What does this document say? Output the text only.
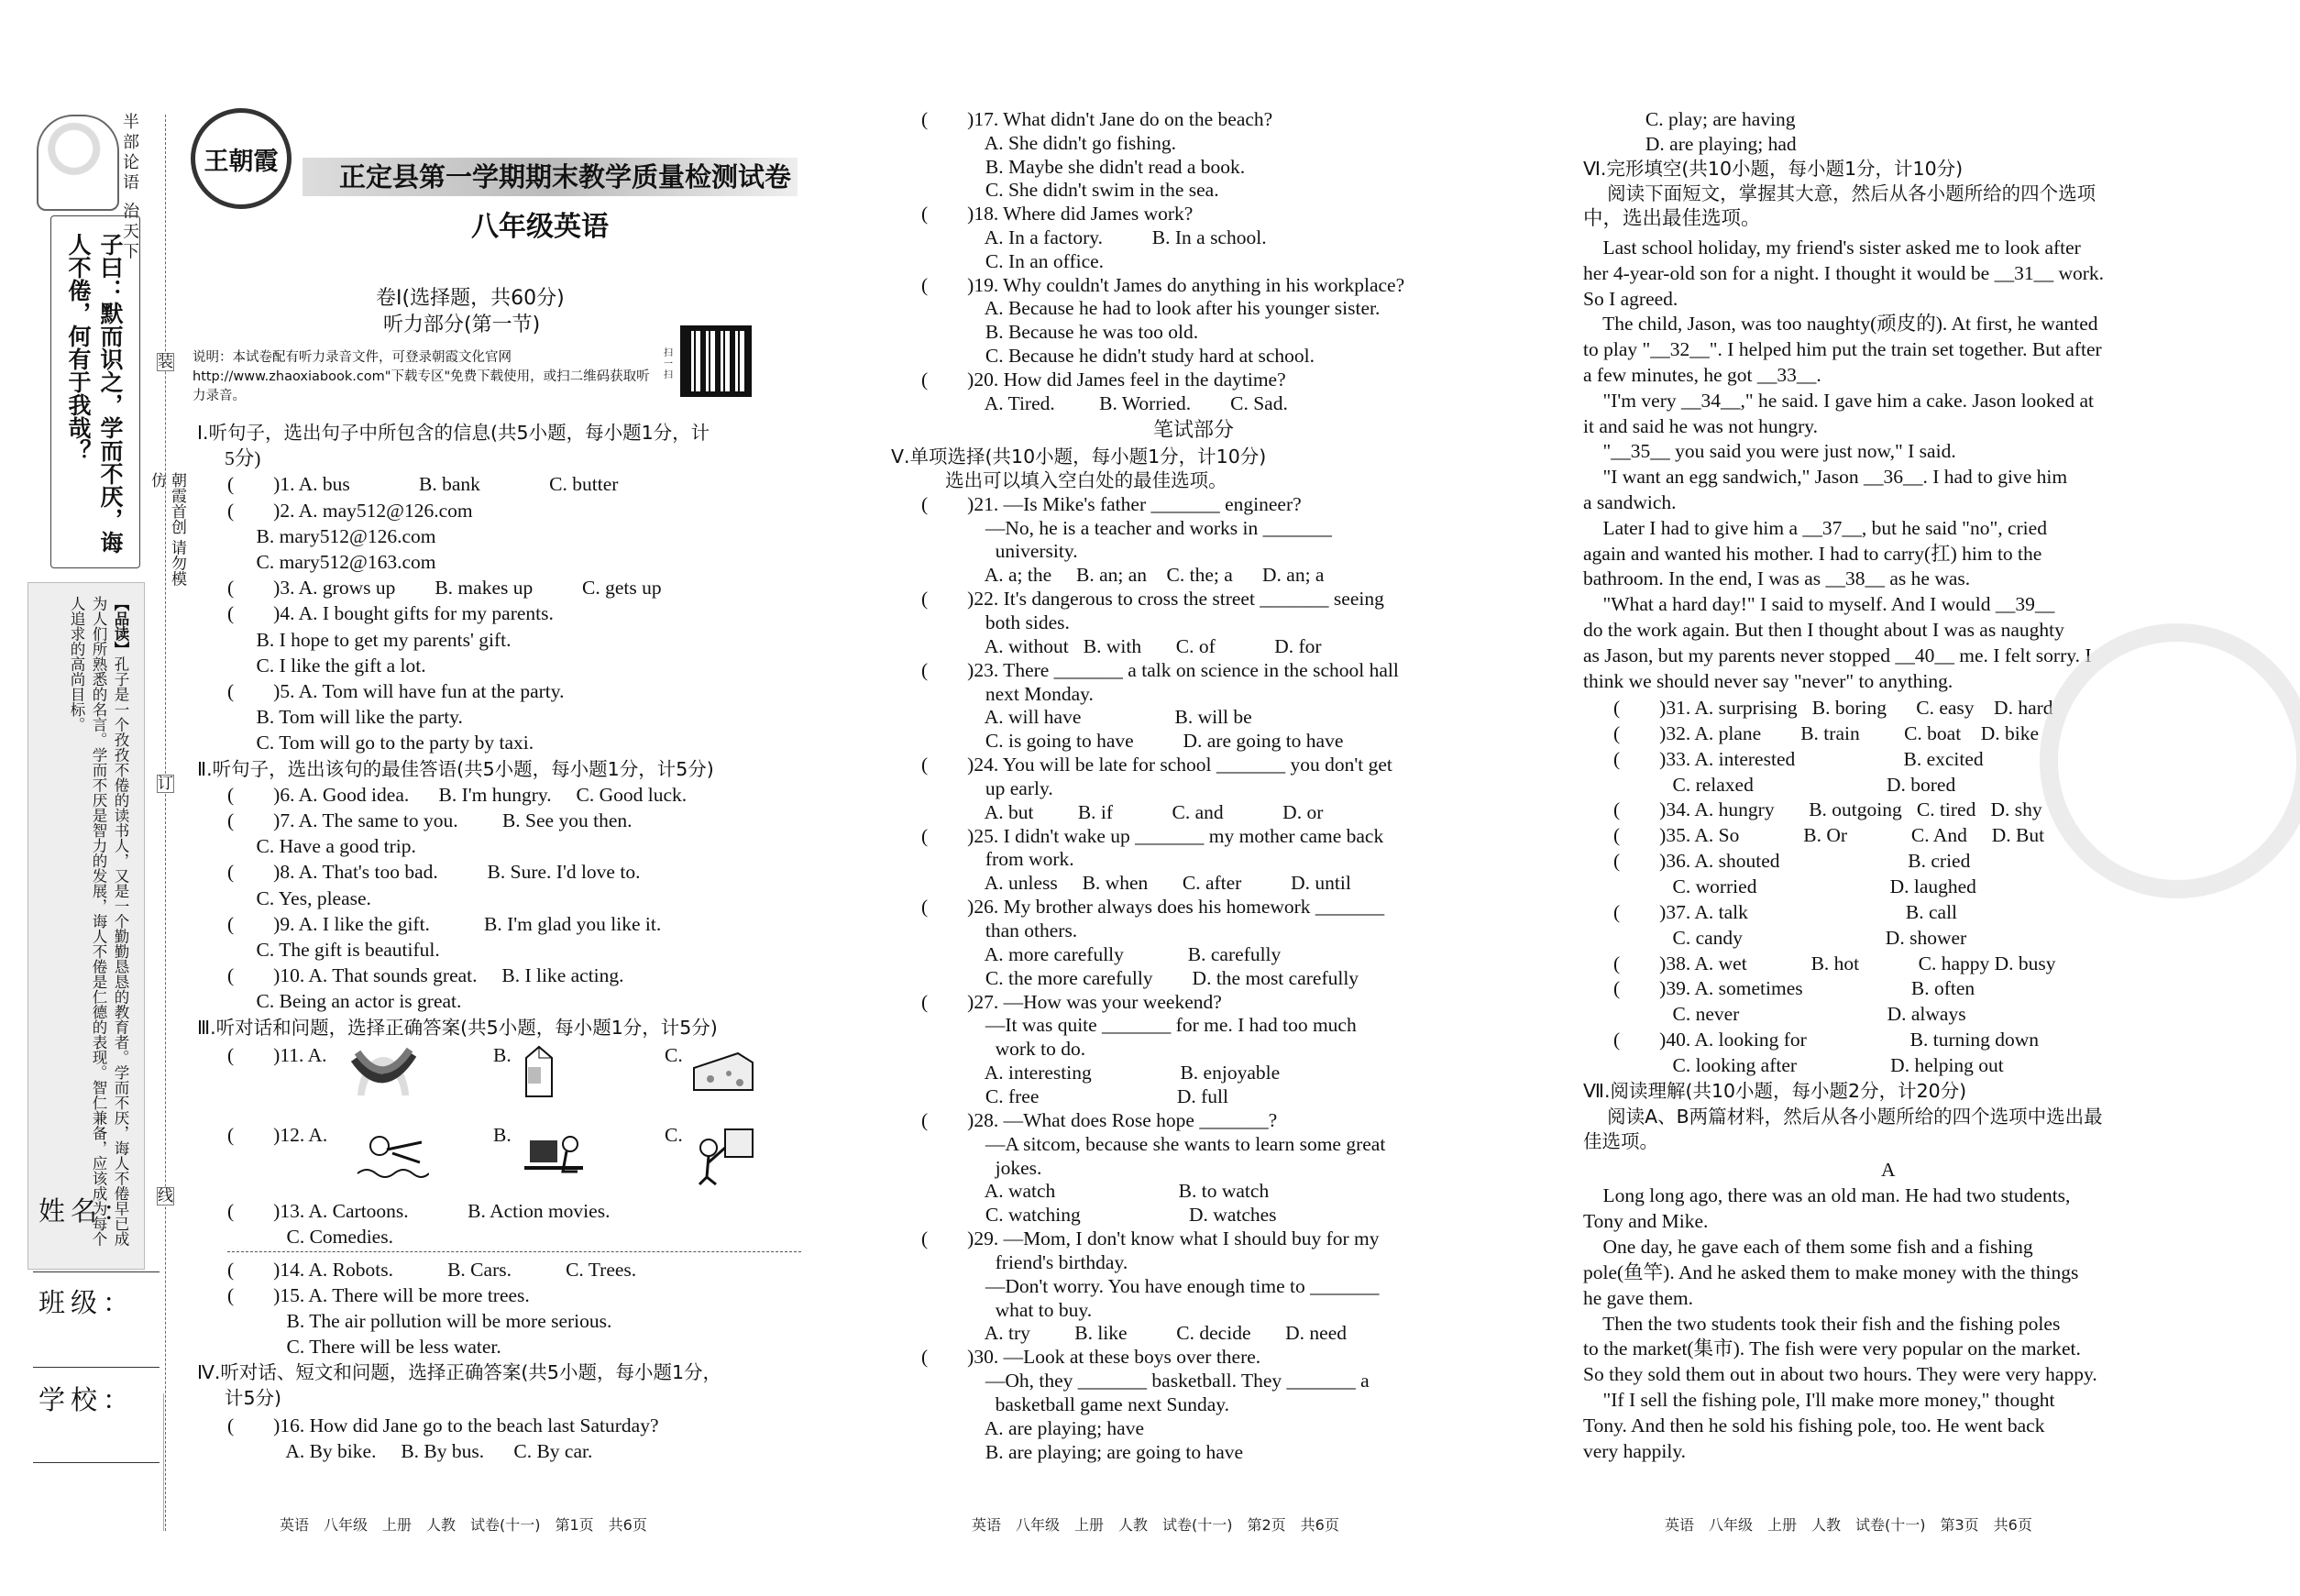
半部论语 治天下
子曰：默而识之，学而不厌，诲人不倦，何有于我哉？
朝霞首创 请勿模仿
【品读】孔子是一个孜孜不倦的读书人，又是一个勤勤恳恳的教育者。学而不厌，诲人不倦早已成为人们所熟悉的名言。学而不厌是智力的发展，诲人不倦是仁德的表现。智仁兼备，应该成为每个人追求的高尚目标。
姓名：
班级：
学校：
装
订
线
王朝霞 正定县第一学期期末教学质量检测试卷
八年级英语
卷Ⅰ(选择题，共60分)
听力部分(第一节)
说明：本试卷配有听力录音文件，可登录朝霞文化官网http://www.zhaoxiabook.com"下载专区"免费下载使用，或扫二维码获取听力录音。
扫一扫
Ⅰ.听句子，选出句子中所包含的信息(共5小题，每小题1分，计
5分)
(　　)1. A. bus              B. bank              C. butter
(　　)2. A. may512@126.com
B. mary512@126.com
C. mary512@163.com
(　　)3. A. grows up        B. makes up          C. gets up
(　　)4. A. I bought gifts for my parents.
B. I hope to get my parents' gift.
C. I like the gift a lot.
(　　)5. A. Tom will have fun at the party.
B. Tom will like the party.
C. Tom will go to the party by taxi.
Ⅱ.听句子，选出该句的最佳答语(共5小题，每小题1分，计5分)
(　　)6. A. Good idea.      B. I'm hungry.     C. Good luck.
(　　)7. A. The same to you.         B. See you then.
C. Have a good trip.
(　　)8. A. That's too bad.          B. Sure. I'd love to.
C. Yes, please.
(　　)9. A. I like the gift.           B. I'm glad you like it.
C. The gift is beautiful.
(　　)10. A. That sounds great.     B. I like acting.
C. Being an actor is great.
Ⅲ.听对话和问题，选择正确答案(共5小题，每小题1分，计5分)
(　　)11. A.	B.	C.
(　　)12. A.	B.	C.
(　　)13. A. Cartoons.            B. Action movies.
C. Comedies.
(　　)14. A. Robots.           B. Cars.           C. Trees.
(　　)15. A. There will be more trees.
B. The air pollution will be more serious.
C. There will be less water.
Ⅳ.听对话、短文和问题，选择正确答案(共5小题，每小题1分，
计5分)
(　　)16. How did Jane go to the beach last Saturday?
A. By bike.     B. By bus.      C. By car.
(　　)17. What didn't Jane do on the beach?
A. She didn't go fishing.
B. Maybe she didn't read a book.
C. She didn't swim in the sea.
(　　)18. Where did James work?
A. In a factory.          B. In a school.
C. In an office.
(　　)19. Why couldn't James do anything in his workplace?
A. Because he had to look after his younger sister.
B. Because he was too old.
C. Because he didn't study hard at school.
(　　)20. How did James feel in the daytime?
A. Tired.         B. Worried.        C. Sad.
笔试部分
Ⅴ.单项选择(共10小题，每小题1分，计10分)
选出可以填入空白处的最佳选项。
(　　)21. —Is Mike's father _______ engineer?
—No, he is a teacher and works in _______
university.
A. a; the     B. an; an    C. the; a      D. an; a
(　　)22. It's dangerous to cross the street _______ seeing
both sides.
A. without   B. with       C. of            D. for
(　　)23. There _______ a talk on science in the school hall
next Monday.
A. will have                   B. will be
C. is going to have          D. are going to have
(　　)24. You will be late for school _______ you don't get
up early.
A. but         B. if            C. and            D. or
(　　)25. I didn't wake up _______ my mother came back
from work.
A. unless     B. when       C. after          D. until
(　　)26. My brother always does his homework _______
than others.
A. more carefully             B. carefully
C. the more carefully        D. the most carefully
(　　)27. —How was your weekend?
—It was quite _______ for me. I had too much
work to do.
A. interesting                  B. enjoyable
C. free                            D. full
(　　)28. —What does Rose hope _______?
—A sitcom, because she wants to learn some great
jokes.
A. watch                         B. to watch
C. watching                      D. watches
(　　)29. —Mom, I don't know what I should buy for my
friend's birthday.
—Don't worry. You have enough time to _______
what to buy.
A. try         B. like          C. decide       D. need
(　　)30. —Look at these boys over there.
—Oh, they _______ basketball. They _______ a
basketball game next Sunday.
A. are playing; have
B. are playing; are going to have
C. play; are having
D. are playing; had
Ⅵ.完形填空(共10小题，每小题1分，计10分)
阅读下面短文，掌握其大意，然后从各小题所给的四个选项
中，选出最佳选项。
Last school holiday, my friend's sister asked me to look after
her 4-year-old son for a night. I thought it would be __31__ work.
So I agreed.
The child, Jason, was too naughty(顽皮的). At first, he wanted
to play "__32__". I helped him put the train set together. But after
a few minutes, he got __33__.
"I'm very __34__," he said. I gave him a cake. Jason looked at
it and said he was not hungry.
"__35__ you said you were just now," I said.
"I want an egg sandwich," Jason __36__. I had to give him
a sandwich.
Later I had to give him a __37__, but he said "no", cried
again and wanted his mother. I had to carry(扛) him to the
bathroom. In the end, I was as __38__ as he was.
"What a hard day!" I said to myself. And I would __39__
do the work again. But then I thought about I was as naughty
as Jason, but my parents never stopped __40__ me. I felt sorry. I
think we should never say "never" to anything.
(　　)31. A. surprising   B. boring      C. easy    D. hard
(　　)32. A. plane        B. train         C. boat    D. bike
(　　)33. A. interested                      B. excited
C. relaxed                           D. bored
(　　)34. A. hungry       B. outgoing   C. tired   D. shy
(　　)35. A. So             B. Or             C. And     D. But
(　　)36. A. shouted                          B. cried
C. worried                           D. laughed
(　　)37. A. talk                                B. call
C. candy                             D. shower
(　　)38. A. wet             B. hot            C. happy D. busy
(　　)39. A. sometimes                      B. often
C. never                              D. always
(　　)40. A. looking for                     B. turning down
C. looking after                   D. helping out
Ⅶ.阅读理解(共10小题，每小题2分，计20分)
阅读A、B两篇材料，然后从各小题所给的四个选项中选出最
佳选项。
A
Long long ago, there was an old man. He had two students,
Tony and Mike.
One day, he gave each of them some fish and a fishing
pole(鱼竿). And he asked them to make money with the things
he gave them.
Then the two students took their fish and the fishing poles
to the market(集市). The fish were very popular on the market.
So they sold them out in about two hours. They were very happy.
"If I sell the fishing pole, I'll make more money," thought
Tony. And then he sold his fishing pole, too. He went back
very happily.
英语　八年级　上册　人教　试卷(十一)　第1页　共6页	英语　八年级　上册　人教　试卷(十一)　第2页　共6页	英语　八年级　上册　人教　试卷(十一)　第3页　共6页
